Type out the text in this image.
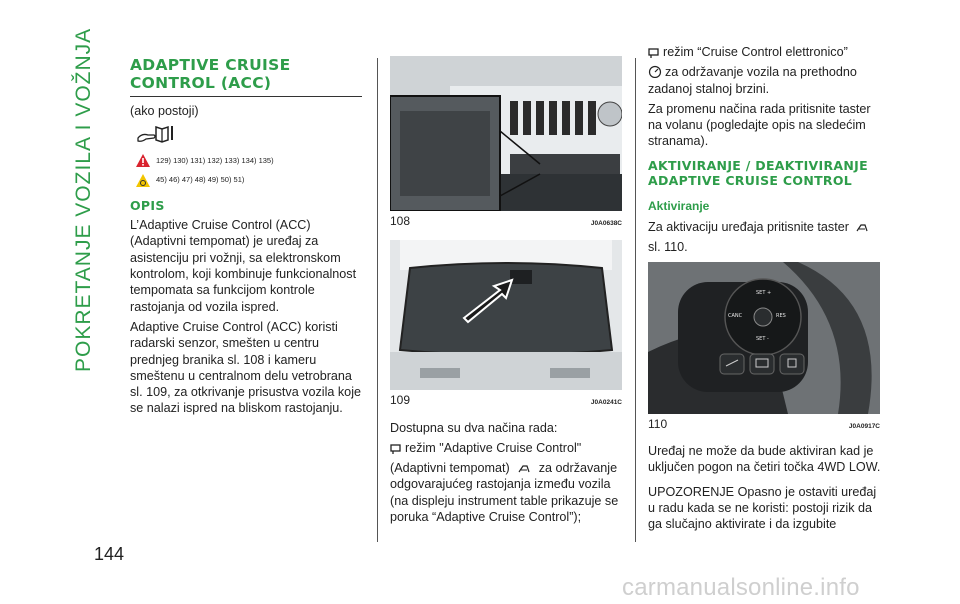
POKRETANJE VOZILA I VOŽNJA
144
ADAPTIVE CRUISE CONTROL (ACC)

(ako postoji)

129) 130) 131) 132) 133) 134) 135)
45) 46) 47) 48) 49) 50) 51)
OPIS

L’Adaptive Cruise Control (ACC) (Adaptivni tempomat) je uređaj za asistenciju pri vožnji, sa elektronskom kontrolom, koji kombinuje funkcionalnost tempomata sa funkcijom kontrole rastojanja od vozila ispred.

Adaptive Cruise Control (ACC) koristi radarski senzor, smešten u centru prednjeg branika sl. 108 i kameru smeštenu u centralnom delu vetrobrana sl. 109, za otkrivanje prisustva vozila koje se nalazi ispred na bliskom rastojanju.

108	J0A0638C
109	J0A0241C

Dostupna su dva načina rada:

režim "Adaptive Cruise Control"

(Adaptivni tempomat) za održavanje odgovarajućeg rastojanja između vozila (na displeju instrument table prikazuje se poruka “Adaptive Cruise Control”);

režim “Cruise Control elettronico”

za održavanje vozila na prethodno zadanoj stalnoj brzini.

Za promenu načina rada pritisnite taster na volanu (pogledajte opis na sledećim stranama).

AKTIVIRANJE / DEAKTIVIRANJE ADAPTIVE CRUISE CONTROL
Aktiviranje

Za aktivaciju uređaja pritisnite taster

sl. 110.

SET +
CANC	RES
SET -
110	J0A0917C

Uređaj ne može da bude aktiviran kad je uključen pogon na četiri točka 4WD LOW.

UPOZORENJE Opasno je ostaviti uređaj u radu kada se ne koristi: postoji rizik da ga slučajno aktivirate i da izgubite

carmanualsonline.info
